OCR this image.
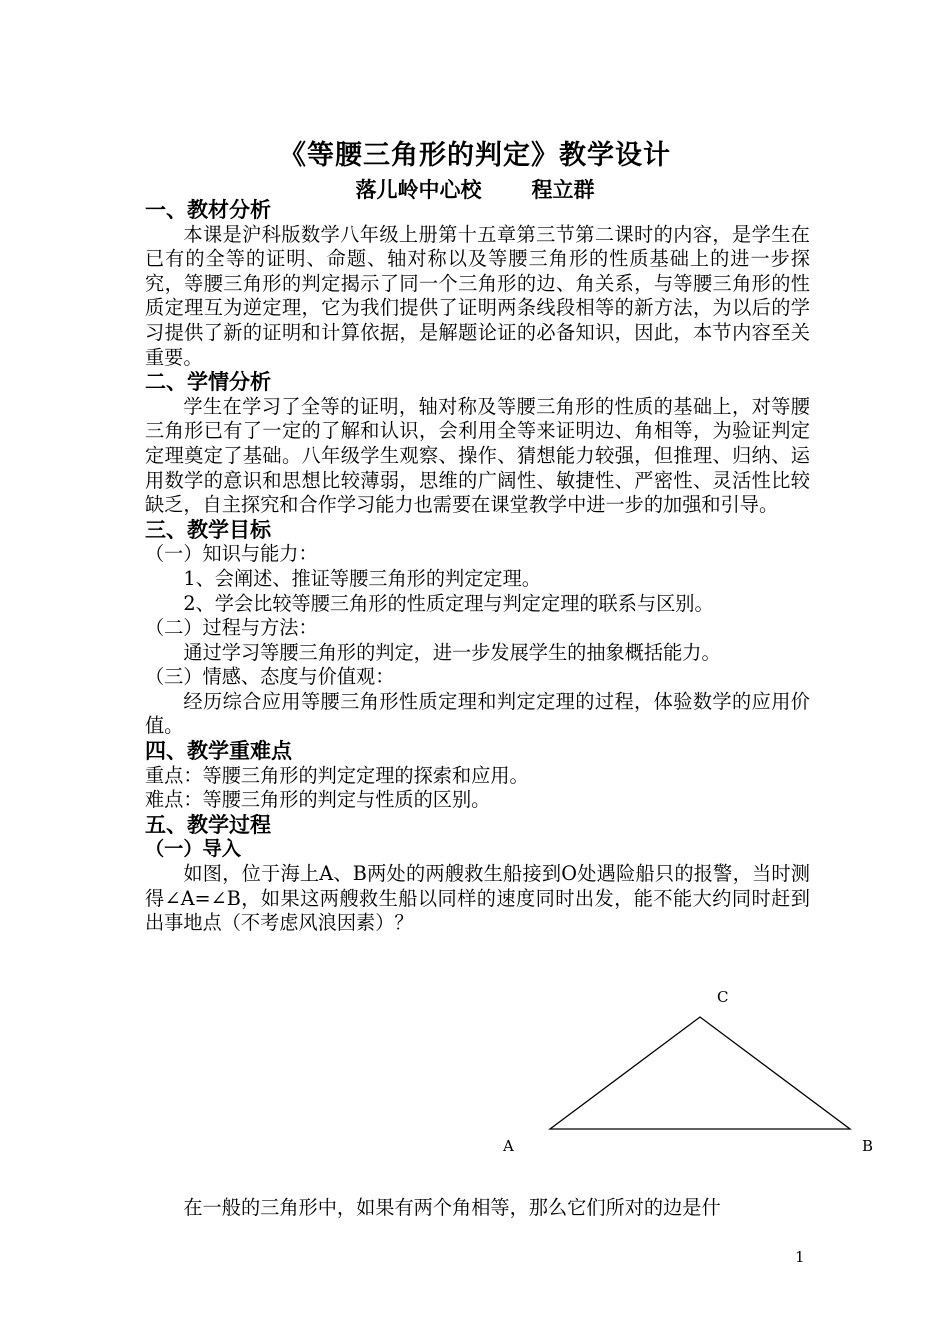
《等腰三角形的判定》教学设计
落儿岭中心校 程立群

一、教材分析

本课是沪科版数学八年级上册第十五章第三节第二课时的内容，是学生在已有的全等的证明、命题、轴对称以及等腰三角形的性质基础上的进一步探究，等腰三角形的判定揭示了同一个三角形的边、角关系，与等腰三角形的性质定理互为逆定理，它为我们提供了证明两条线段相等的新方法，为以后的学习提供了新的证明和计算依据，是解题论证的必备知识，因此，本节内容至关重要。

二、学情分析

学生在学习了全等的证明，轴对称及等腰三角形的性质的基础上，对等腰三角形已有了一定的了解和认识，会利用全等来证明边、角相等，为验证判定定理奠定了基础。八年级学生观察、操作、猜想能力较强，但推理、归纳、运用数学的意识和思想比较薄弱，思维的广阔性、敏捷性、严密性、灵活性比较缺乏，自主探究和合作学习能力也需要在课堂教学中进一步的加强和引导。

三、教学目标

（一）知识与能力：

1、会阐述、推证等腰三角形的判定定理。

2、学会比较等腰三角形的性质定理与判定定理的联系与区别。

（二）过程与方法：

通过学习等腰三角形的判定，进一步发展学生的抽象概括能力。

（三）情感、态度与价值观：

经历综合应用等腰三角形性质定理和判定定理的过程，体验数学的应用价值。

四、教学重难点

重点：等腰三角形的判定定理的探索和应用。

难点：等腰三角形的判定与性质的区别。

五、教学过程

（一）导入

如图，位于海上A、B两处的两艘救生船接到O处遇险船只的报警，当时测得∠A=∠B，如果这两艘救生船以同样的速度同时出发，能不能大约同时赶到出事地点（不考虑风浪因素）？

C
A	B
在一般的三角形中，如果有两个角相等，那么它们所对的边是什
1
